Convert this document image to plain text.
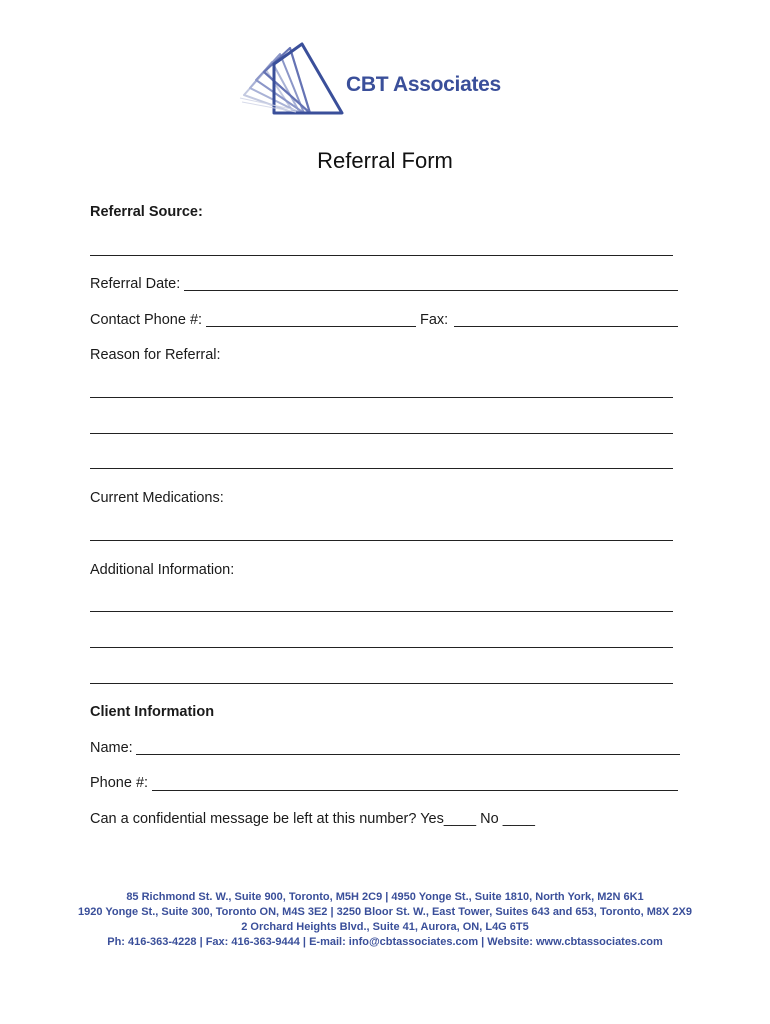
CBT Associates
Referral Form
Referral Source:
Referral Date:
Contact Phone #:	Fax:
Reason for Referral:
Current Medications:
Additional Information:
Client Information
Name:
Phone #:
Can a confidential message be left at this number? Yes____ No ____
85 Richmond St. W., Suite 900, Toronto, M5H 2C9 | 4950 Yonge St., Suite 1810, North York, M2N 6K1
1920 Yonge St., Suite 300, Toronto ON, M4S 3E2 | 3250 Bloor St. W., East Tower, Suites 643 and 653, Toronto, M8X 2X9
2 Orchard Heights Blvd., Suite 41, Aurora, ON, L4G 6T5
Ph: 416-363-4228 | Fax: 416-363-9444 | E-mail: info@cbtassociates.com | Website: www.cbtassociates.com
